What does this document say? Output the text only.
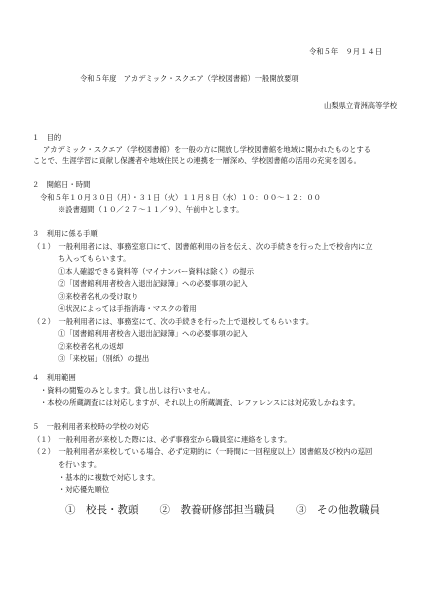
令和５年　９月１４日
令和５年度　アカデミック・スクエア（学校図書館）一般開放要項
山梨県立青洲高等学校
１　目的
アカデミック・スクエア（学校図書館）を一般の方に開放し学校図書館を地域に開かれたものとする
ことで、生涯学習に貢献し保護者や地域住民との連携を一層深め、学校図書館の活用の充実を図る。
２　開館日・時間
令和５年１０月３０日（月）・３１日（火）１１月８日（水）１０：００～１２：００
※設書週間（１０／２７～１１／９）、午前中とします。
３　利用に係る手順
（１）　一般利用者には、事務室窓口にて、図書館利用の旨を伝え、次の手続きを行った上で校舎内に立
ち入ってもらいます。
①本人確認できる資料等（マイナンバー資料は除く）の提示
②「図書館利用者校舎入退出記録簿」への必要事項の記入
③来校者名札の受け取り
④状況によっては手指消毒・マスクの着用
（２）　一般利用者には、事務室にて、次の手続きを行った上で退校してもらいます。
①「図書館利用者校舎入退出記録簿」への必要事項の記入
②来校者名札の返却
③「来校届」（別紙）の提出
４　利用範囲
・資料の閲覧のみとします。貸し出しは行いません。
・本校の所蔵調査には対応しますが、それ以上の所蔵調査、レファレンスには対応致しかねます。
５　一般利用者来校時の学校の対応
（１）　一般利用者が来校した際には、必ず事務室から職員室に連絡をします。
（２）　一般利用者が来校している場合、必ず定期的に（一時間に一回程度以上）図書館及び校内の巡回
を行います。
・基本的に複数で対応します。
・対応優先順位
①　校長・教頭　　②　教養研修部担当職員　　③　その他教職員
